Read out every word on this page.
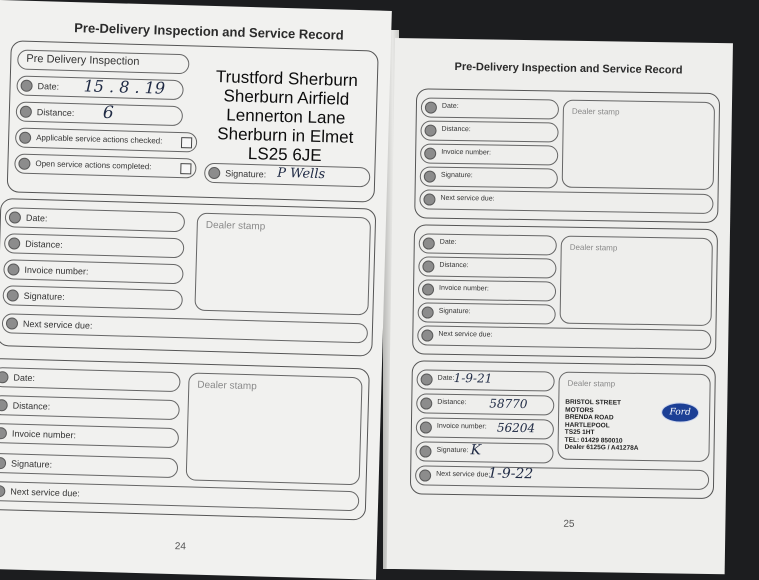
Pre-Delivery Inspection and Service Record
Pre Delivery Inspection
Date: 15 . 8 . 19
Distance: 6
Applicable service actions checked:
Open service actions completed:
Signature: P Wells
Trustford Sherburn
Sherburn Airfield
Lennerton Lane
Sherburn in Elmet
LS25 6JE
Date:
Distance:
Invoice number:
Signature:
Next service due:
Dealer stamp
Date:
Distance:
Invoice number:
Signature:
Next service due:
Dealer stamp
24
Pre-Delivery Inspection and Service Record
Date:
Distance:
Invoice number:
Signature:
Next service due:
Dealer stamp
Date:
Distance:
Invoice number:
Signature:
Next service due:
Dealer stamp
Date: 1-9-21
Distance: 58770
Invoice number: 56204
Signature: K
Next service due:
1-9-22
Dealer stamp
BRISTOL STREET
MOTORS
BRENDA ROAD
HARTLEPOOL
TS25 1HT
TEL: 01429 850010
Dealer 6125G / A41278A
Ford
25
